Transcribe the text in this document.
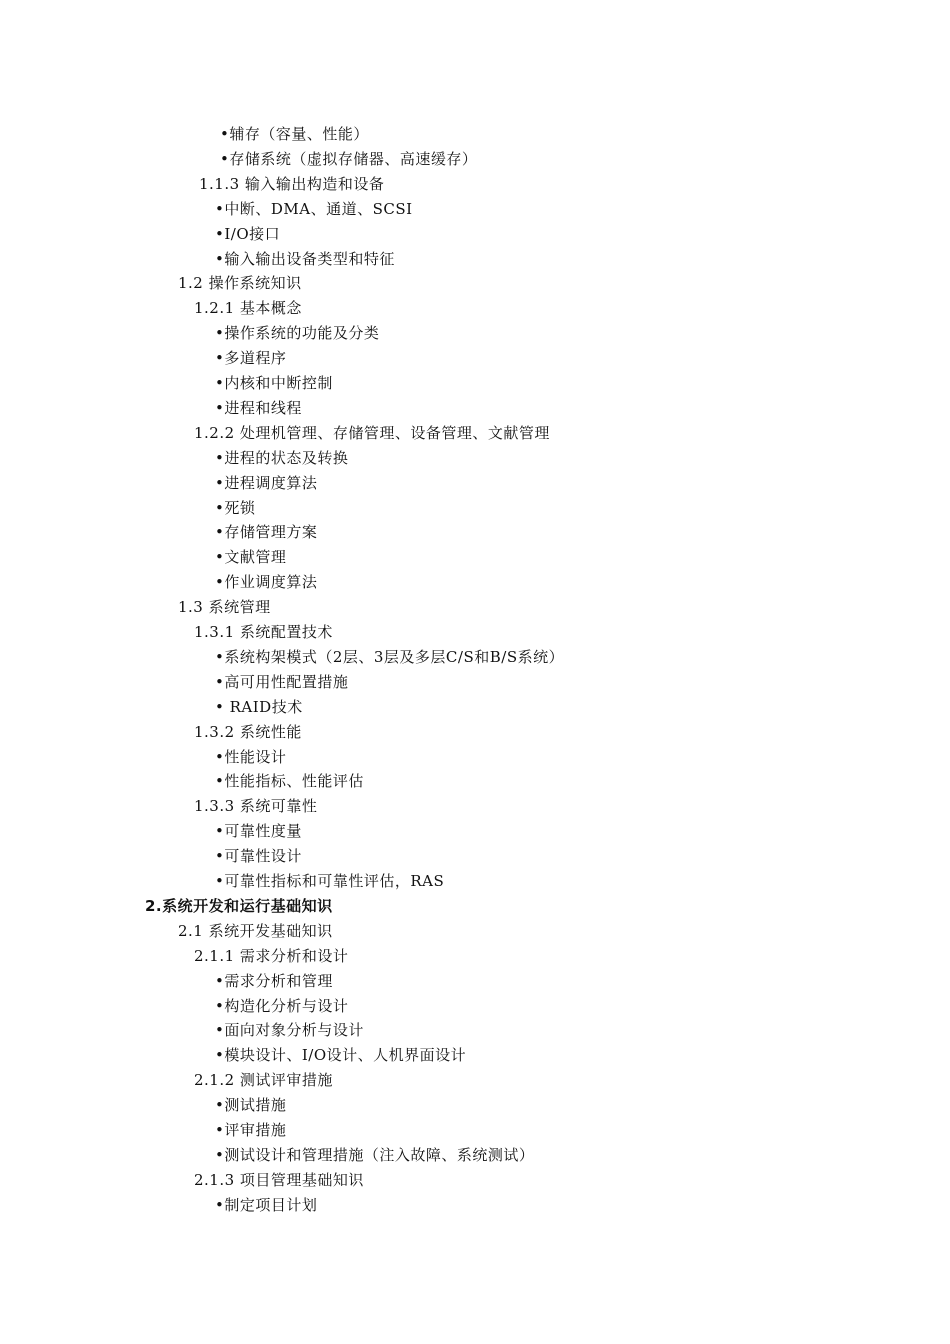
•辅存（容量、性能）
•存储系统（虚拟存储器、高速缓存）
1.1.3 输入输出构造和设备
•中断、DMA、通道、SCSI
•I/O接口
•输入输出设备类型和特征
1.2 操作系统知识
1.2.1 基本概念
•操作系统的功能及分类
•多道程序
•内核和中断控制
•进程和线程
1.2.2 处理机管理、存储管理、设备管理、文献管理
•进程的状态及转换
•进程调度算法
•死锁
•存储管理方案
•文献管理
•作业调度算法
1.3 系统管理
1.3.1 系统配置技术
•系统构架模式（2层、3层及多层C/S和B/S系统）
•高可用性配置措施
• RAID技术
1.3.2 系统性能
•性能设计
•性能指标、性能评估
1.3.3 系统可靠性
•可靠性度量
•可靠性设计
•可靠性指标和可靠性评估，RAS
2.系统开发和运行基础知识
2.1 系统开发基础知识
2.1.1 需求分析和设计
•需求分析和管理
•构造化分析与设计
•面向对象分析与设计
•模块设计、I/O设计、人机界面设计
2.1.2 测试评审措施
•测试措施
•评审措施
•测试设计和管理措施（注入故障、系统测试）
2.1.3 项目管理基础知识
•制定项目计划
